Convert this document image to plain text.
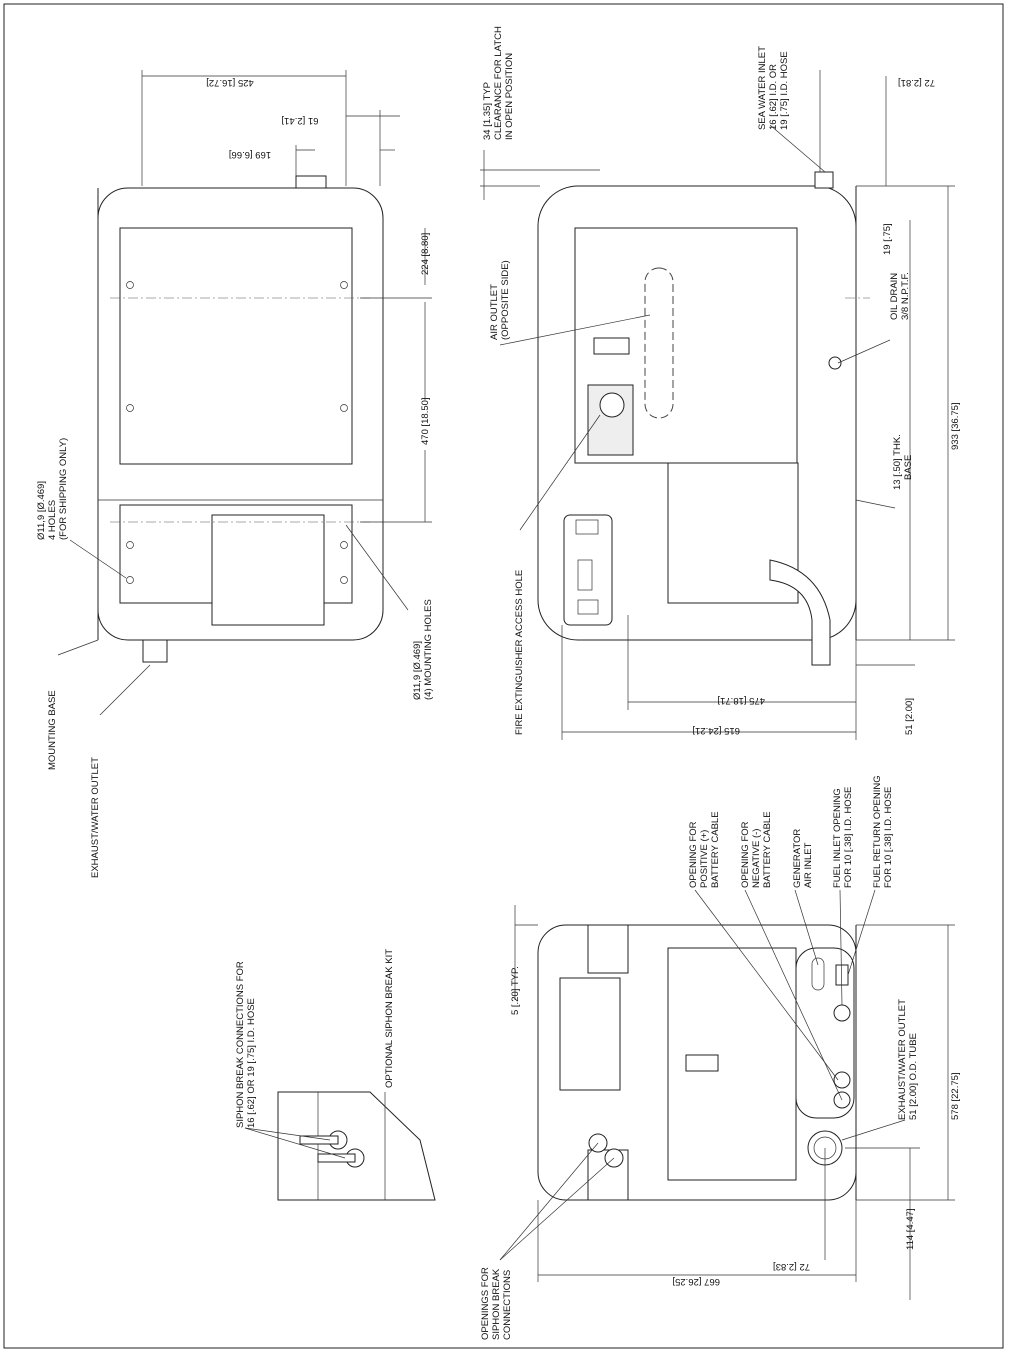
425 [16.72]
61 [2.41]
169 [6.66]
224 [8.80]
470 [18.50]
Ø11,9 [Ø.469] 4 HOLES (FOR SHIPPING ONLY)
Ø11,9 [Ø.469] (4) MOUNTING HOLES
MOUNTING BASE
EXHAUST/WATER OUTLET
34 [1.35] TYP CLEARANCE FOR LATCH IN OPEN POSITION	SEA WATER INLET 16 [.62] I.D. OR 19 [.75] I.D. HOSE	72 [2.81]
AIR OUTLET (OPPOSITE SIDE)
19 [.75]
OIL DRAIN 3/8 N.P.T.F.
13 [.50] THK. BASE
933 [36.75]
FIRE EXTINGUISHER ACCESS HOLE	475 [18.71]
615 [24.21]	51 [2.00]
OPTIONAL SIPHON BREAK KIT
SIPHON BREAK CONNECTIONS FOR 16 [.62] OR 19 [.75] I.D. HOSE
5 [.20] TYP.
OPENING FOR POSITIVE (+) BATTERY CABLE OPENING FOR NEGATIVE (-) BATTERY CABLE GENERATOR AIR INLET FUEL INLET OPENING FOR 10 [.38] I.D. HOSE FUEL RETURN OPENING FOR 10 [.38] I.D. HOSE
EXHAUST/WATER OUTLET 51 [2.00] O.D. TUBE	578 [22.75]
667 [26.25]
72 [2.83]
114 [4.47]
OPENINGS FOR SIPHON BREAK CONNECTIONS
